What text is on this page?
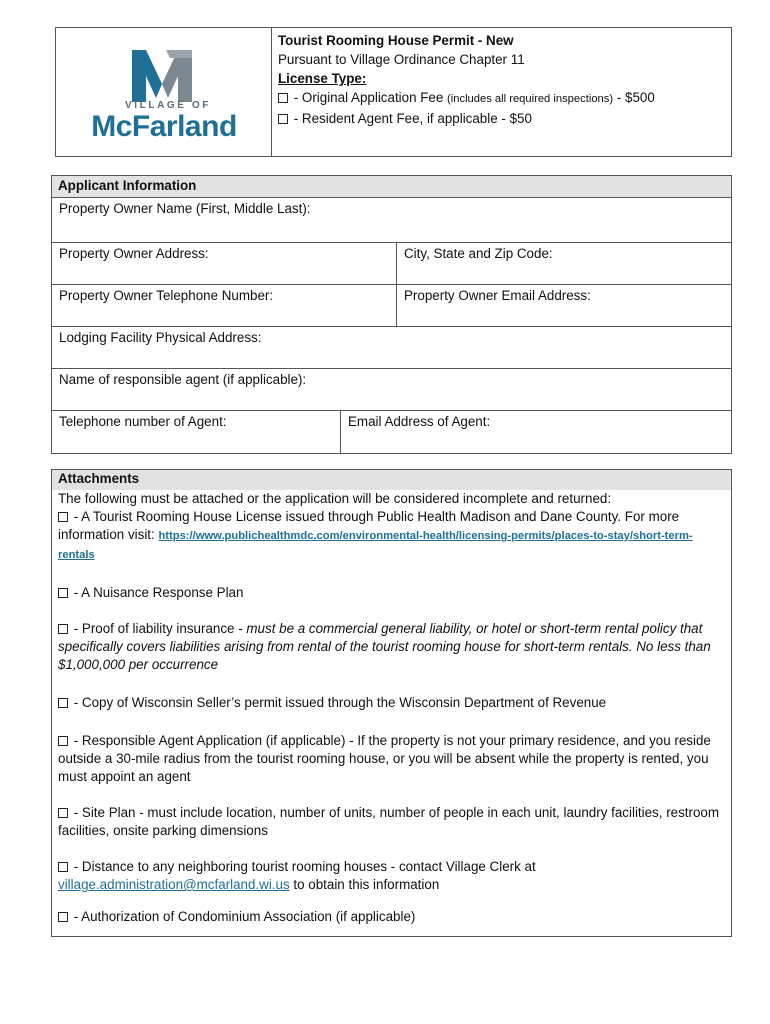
VILLAGE OF
McFarland
Tourist Rooming House Permit - New
Pursuant to Village Ordinance Chapter 11
License Type:
- Original Application Fee (includes all required inspections) - $500
- Resident Agent Fee, if applicable - $50
Applicant Information
Property Owner Name (First, Middle Last):
Property Owner Address:	City, State and Zip Code:
Property Owner Telephone Number:	Property Owner Email Address:
Lodging Facility Physical Address:
Name of responsible agent (if applicable):
Telephone number of Agent:	Email Address of Agent:
Attachments
The following must be attached or the application will be considered incomplete and returned:
- A Tourist Rooming House License issued through Public Health Madison and Dane County. For more information visit: https://www.publichealthmdc.com/environmental-health/licensing-permits/places-to-stay/short-term-rentals
- A Nuisance Response Plan
- Proof of liability insurance - must be a commercial general liability, or hotel or short-term rental policy that specifically covers liabilities arising from rental of the tourist rooming house for short-term rentals. No less than $1,000,000 per occurrence
- Copy of Wisconsin Seller’s permit issued through the Wisconsin Department of Revenue
- Responsible Agent Application (if applicable) - If the property is not your primary residence, and you reside outside a 30-mile radius from the tourist rooming house, or you will be absent while the property is rented, you must appoint an agent
- Site Plan - must include location, number of units, number of people in each unit, laundry facilities, restroom facilities, onsite parking dimensions
- Distance to any neighboring tourist rooming houses - contact Village Clerk at village.administration@mcfarland.wi.us to obtain this information
- Authorization of Condominium Association (if applicable)
